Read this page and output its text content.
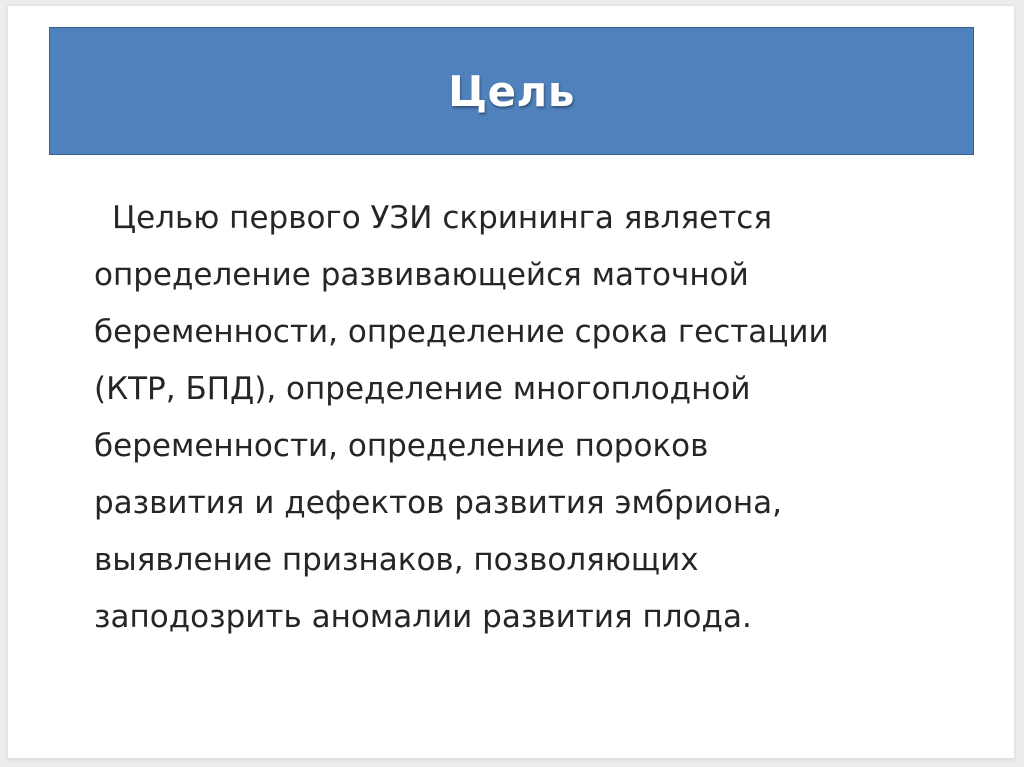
Цель

Целью первого УЗИ скрининга является
определение развивающейся маточной
беременности, определение срока гестации
(КТР, БПД), определение многоплодной
беременности, определение пороков
развития и дефектов развития эмбриона,
выявление признаков, позволяющих
заподозрить аномалии развития плода.
